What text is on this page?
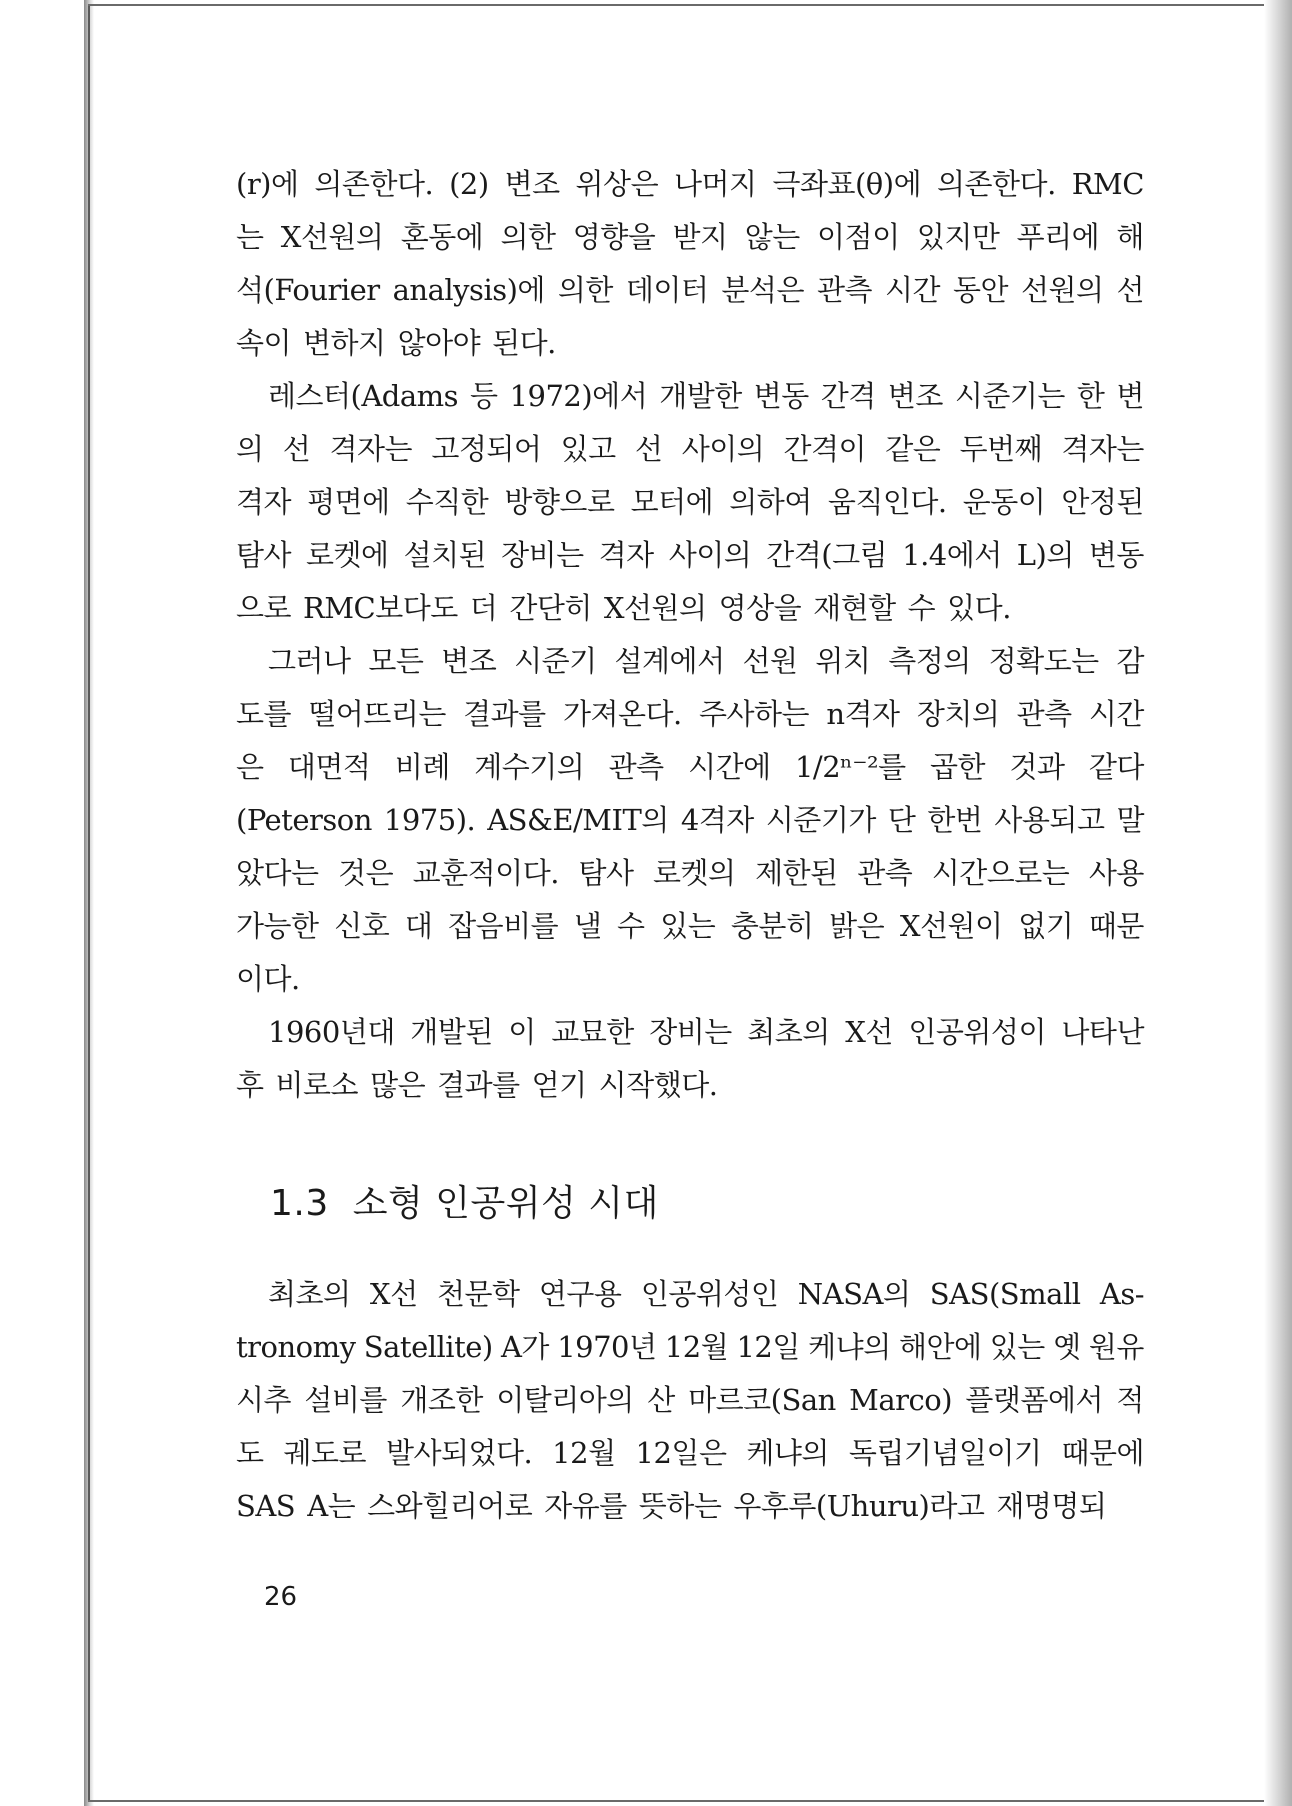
(r)에 의존한다. (2) 변조 위상은 나머지 극좌표(θ)에 의존한다. RMC
는 X선원의 혼동에 의한 영향을 받지 않는 이점이 있지만 푸리에 해
석(Fourier analysis)에 의한 데이터 분석은 관측 시간 동안 선원의 선
속이 변하지 않아야 된다.
레스터(Adams 등 1972)에서 개발한 변동 간격 변조 시준기는 한 변
의 선 격자는 고정되어 있고 선 사이의 간격이 같은 두번째 격자는
격자 평면에 수직한 방향으로 모터에 의하여 움직인다. 운동이 안정된
탐사 로켓에 설치된 장비는 격자 사이의 간격(그림 1.4에서 L)의 변동
으로 RMC보다도 더 간단히 X선원의 영상을 재현할 수 있다.
그러나 모든 변조 시준기 설계에서 선원 위치 측정의 정확도는 감
도를 떨어뜨리는 결과를 가져온다. 주사하는 n격자 장치의 관측 시간
은 대면적 비례 계수기의 관측 시간에 1/2ⁿ⁻²를 곱한 것과 같다
(Peterson 1975). AS&E/MIT의 4격자 시준기가 단 한번 사용되고 말
았다는 것은 교훈적이다. 탐사 로켓의 제한된 관측 시간으로는 사용
가능한 신호 대 잡음비를 낼 수 있는 충분히 밝은 X선원이 없기 때문
이다.
1960년대 개발된 이 교묘한 장비는 최초의 X선 인공위성이 나타난
후 비로소 많은 결과를 얻기 시작했다.
1.3 소형 인공위성 시대
최초의 X선 천문학 연구용 인공위성인 NASA의 SAS(Small As-
tronomy Satellite) A가 1970년 12월 12일 케냐의 해안에 있는 옛 원유
시추 설비를 개조한 이탈리아의 산 마르코(San Marco) 플랫폼에서 적
도 궤도로 발사되었다. 12월 12일은 케냐의 독립기념일이기 때문에
SAS A는 스와힐리어로 자유를 뜻하는 우후루(Uhuru)라고 재명명되
26
